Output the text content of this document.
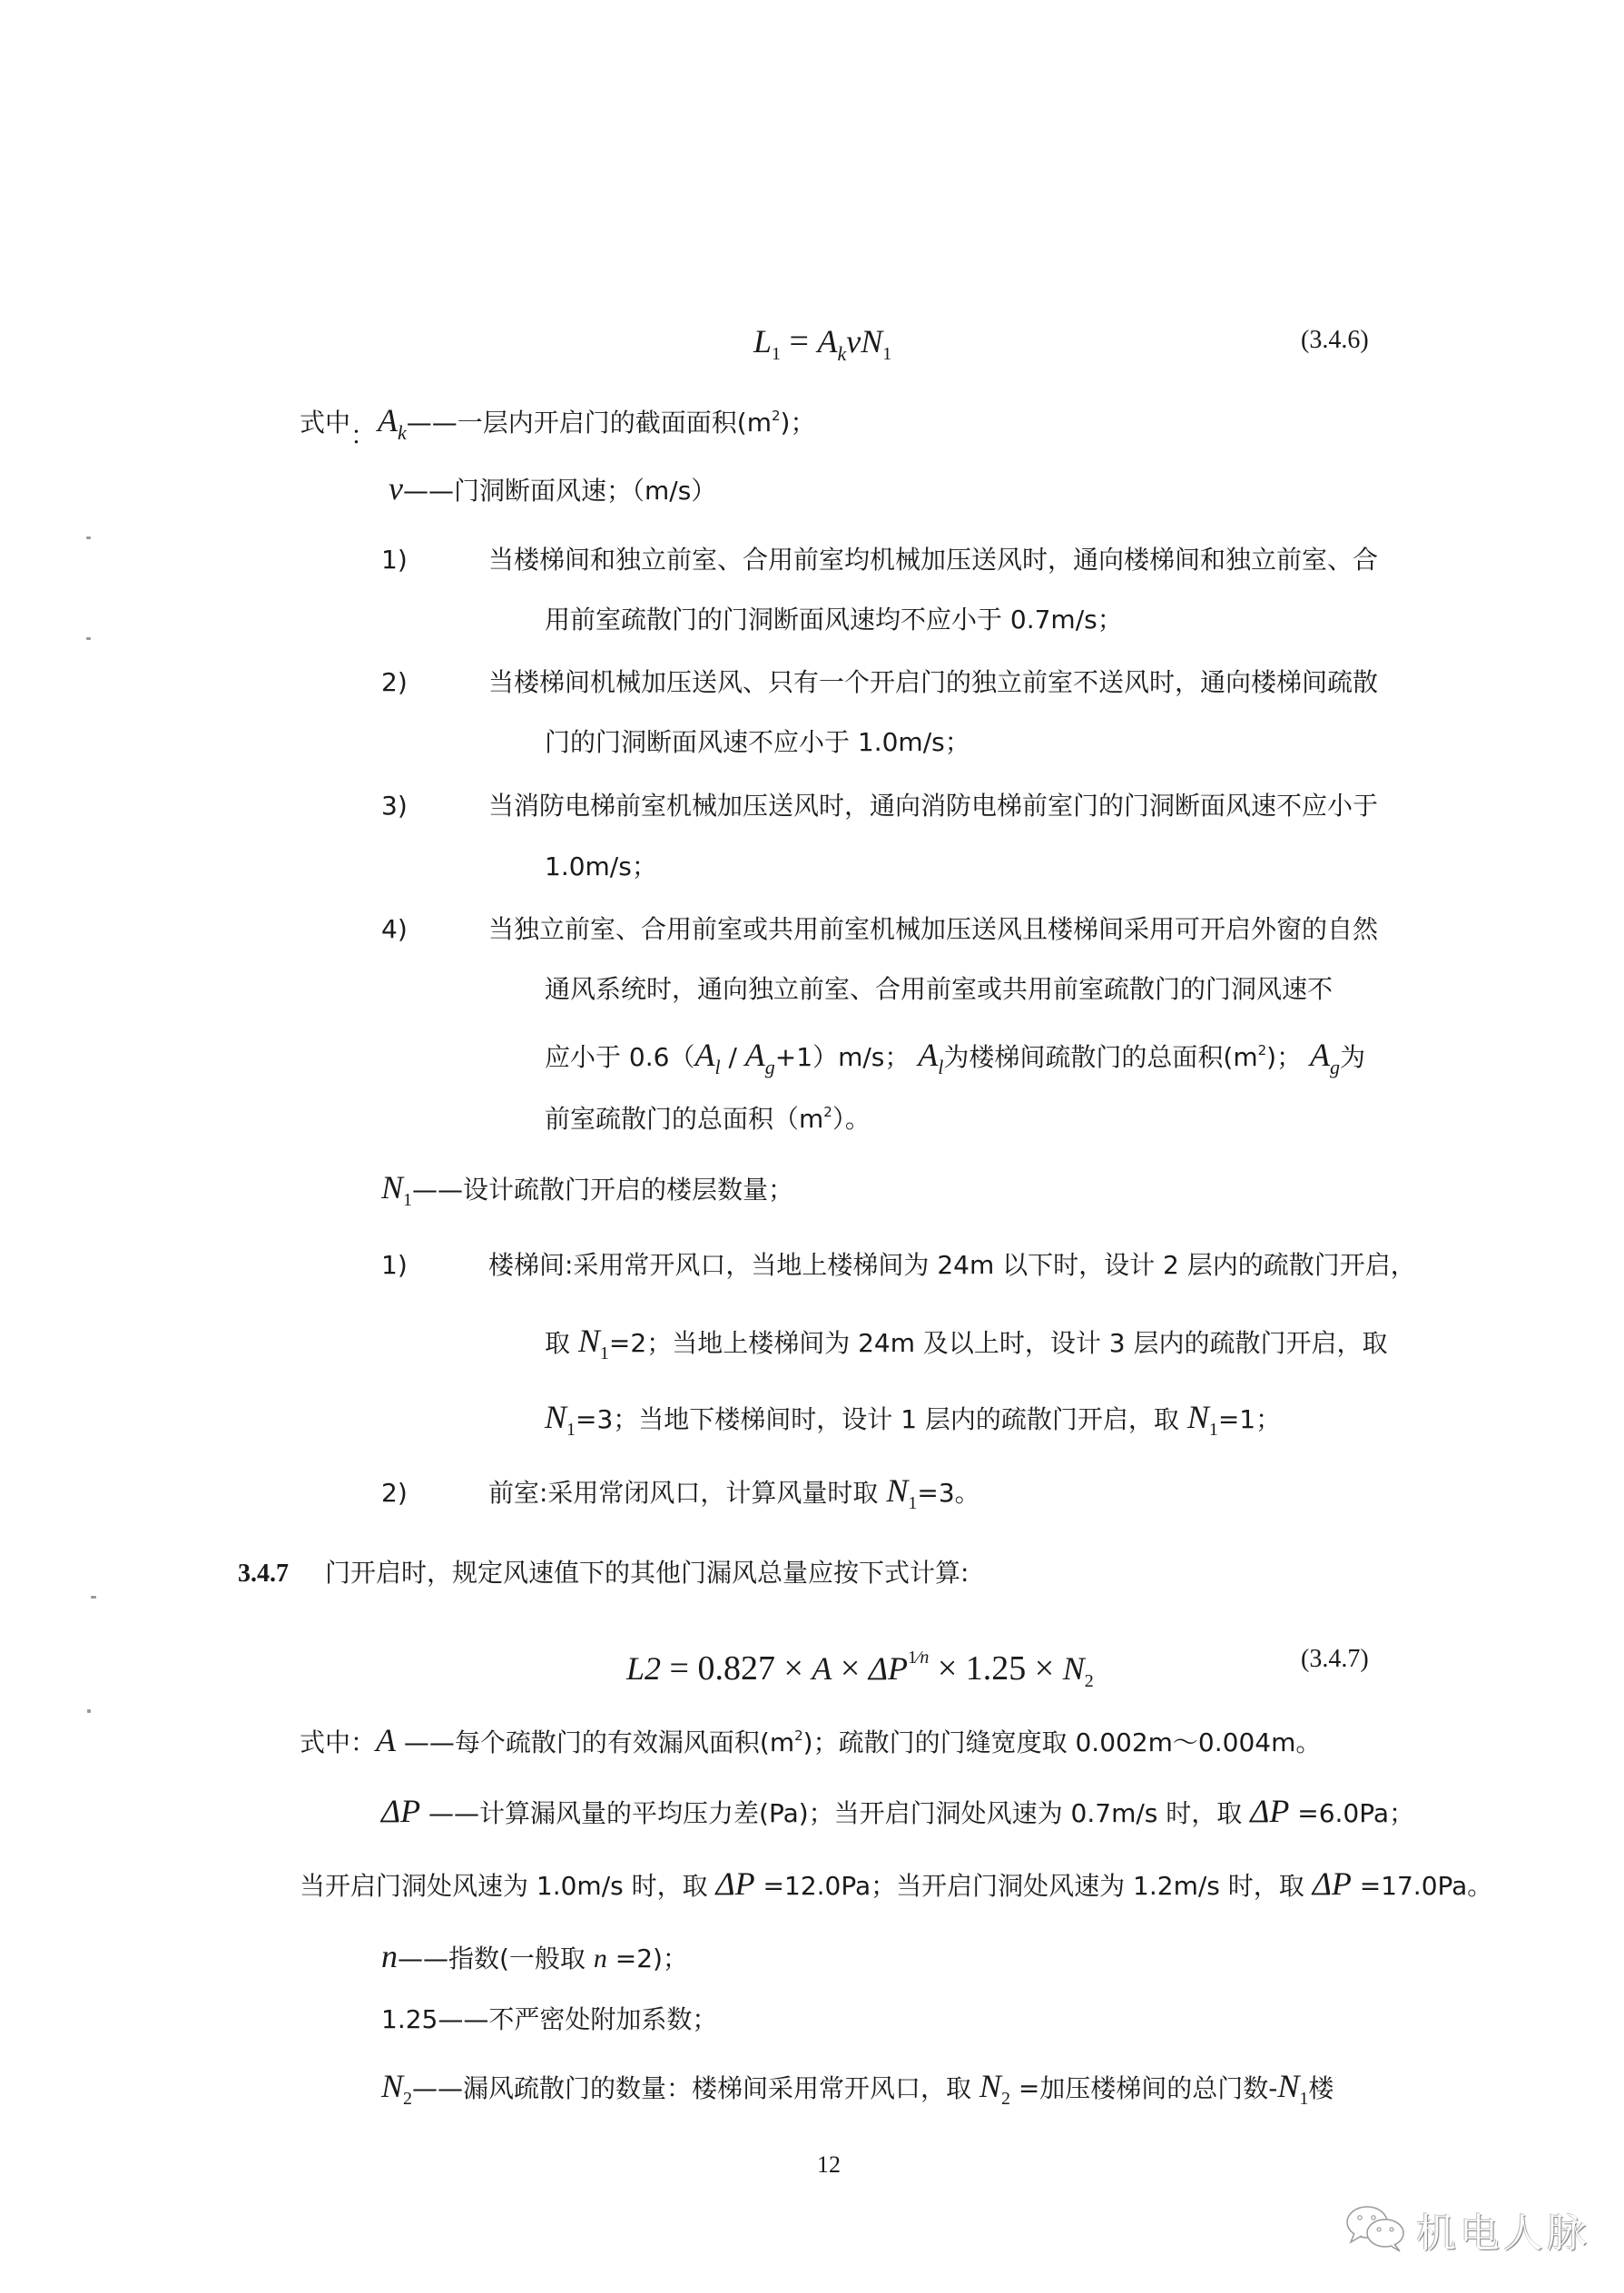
$L_1 = A_kvN_1$	(3.4.6)
式中：$A_k——$一层内开启门的截面面积$(m^2)$；
v——门洞断面风速；（m/s）
1)	当楼梯间和独立前室、合用前室均机械加压送风时，通向楼梯间和独立前室、合
用前室疏散门的门洞断面风速均不应小于 0.7m/s；
2)	当楼梯间机械加压送风、只有一个开启门的独立前室不送风时，通向楼梯间疏散
门的门洞断面风速不应小于 1.0m/s；
3)	当消防电梯前室机械加压送风时，通向消防电梯前室门的门洞断面风速不应小于
1.0m/s；
4)	当独立前室、合用前室或共用前室机械加压送风且楼梯间采用可开启外窗的自然
通风系统时，通向独立前室、合用前室或共用前室疏散门的门洞风速不
应小于 $0.6(A_l / A_g+1)m/s$； $A_l$为楼梯间疏散门的总面积$(m^2)$； $A_g$为
前室疏散门的总面积$(m^2)$。
$N_1——$设计疏散门开启的楼层数量；
1)	楼梯间:采用常开风口，当地上楼梯间为 24m 以下时，设计 2 层内的疏散门开启，
取 $N_1=2$；当地上楼梯间为 24m 及以上时，设计 3 层内的疏散门开启，取
$N_1=3$；当地下楼梯间时，设计 1 层内的疏散门开启，取 $N_1=1$；
2)	前室:采用常闭风口，计算风量时取 $N_1=3$。
3.4.7 门开启时，规定风速值下的其他门漏风总量应按下式计算:
$L2 = 0.827 \times A \times \Delta P^{1⁄n} \times 1.25 \times N_2$
(3.4.7)
式中：A ——每个疏散门的有效漏风面积$(m^2)$；疏散门的门缝宽度取 0.002m～0.004m。
ΔP ——计算漏风量的平均压力差(Pa)；当开启门洞处风速为 0.7m/s 时，取 ΔP =6.0Pa；
当开启门洞处风速为 1.0m/s 时，取 ΔP =12.0Pa；当开启门洞处风速为 1.2m/s 时，取 ΔP =17.0Pa。
n——指数(一般取 n =2)；
1.25——不严密处附加系数；
$N_2——$漏风疏散门的数量：楼梯间采用常开风口，取 $N_2$ =加压楼梯间的总门数$-N_1$楼
12
机电人脉
